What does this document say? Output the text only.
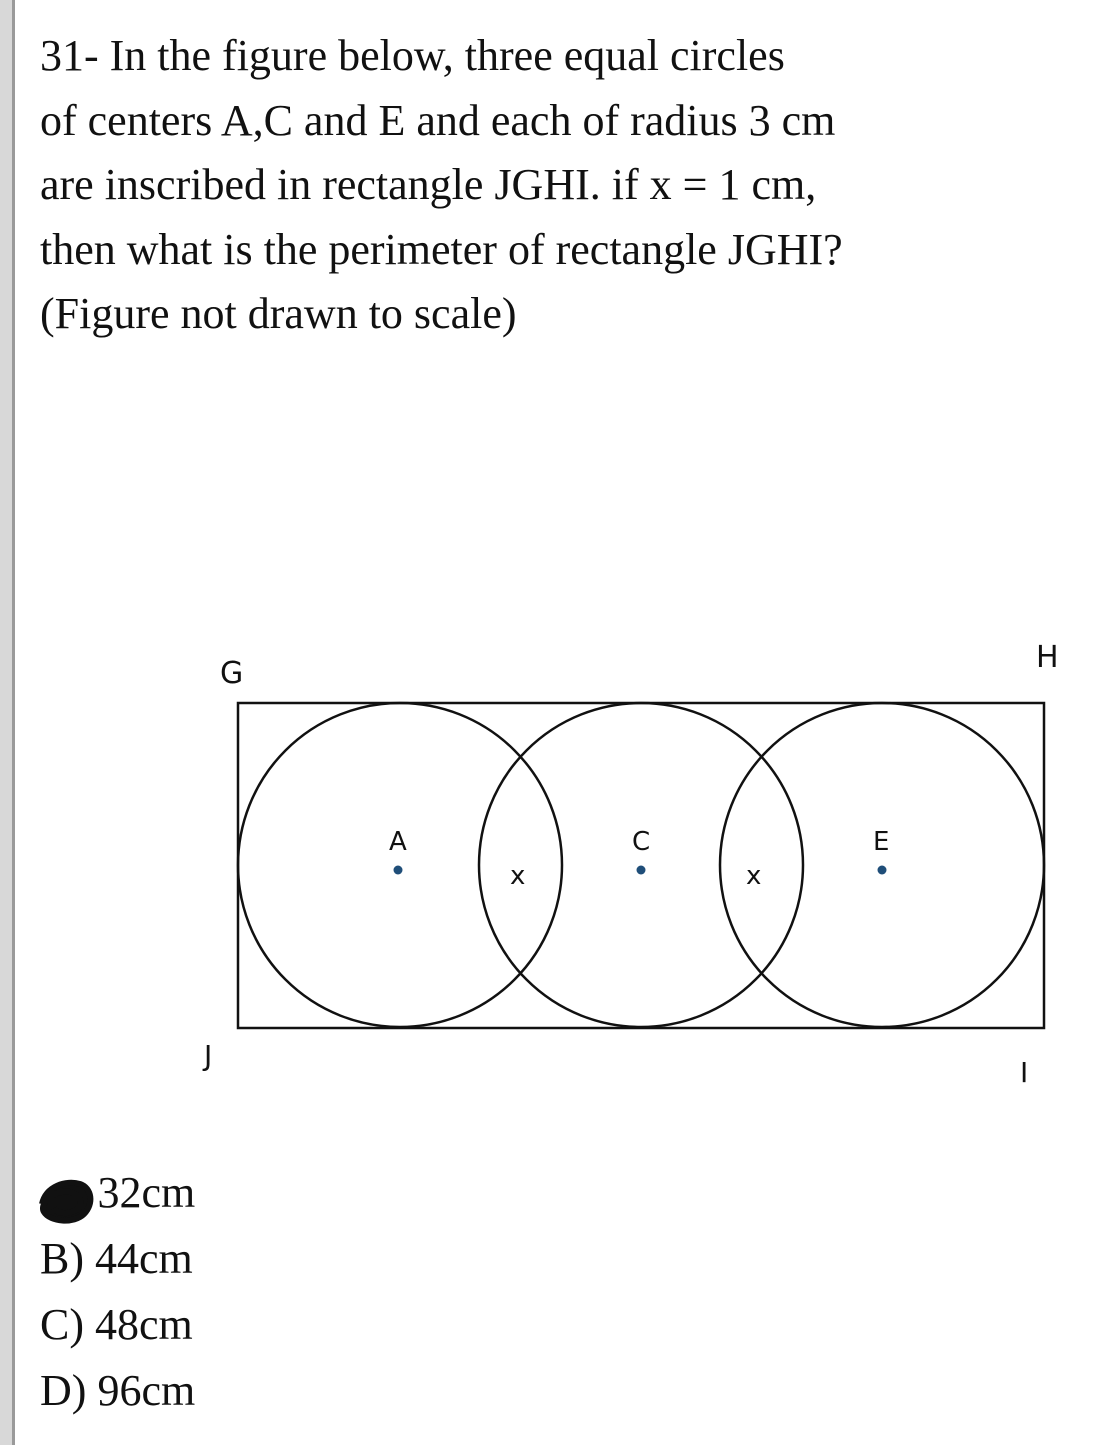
31- In the figure below, three equal circles
of centers A,C and E and each of radius 3 cm
are inscribed in rectangle JGHI. if x = 1 cm,
then what is the perimeter of rectangle JGHI?
(Figure not drawn to scale)
G	H
J
I
A	C	E
x	x
32cm
B) 44cm
C) 48cm
D) 96cm
